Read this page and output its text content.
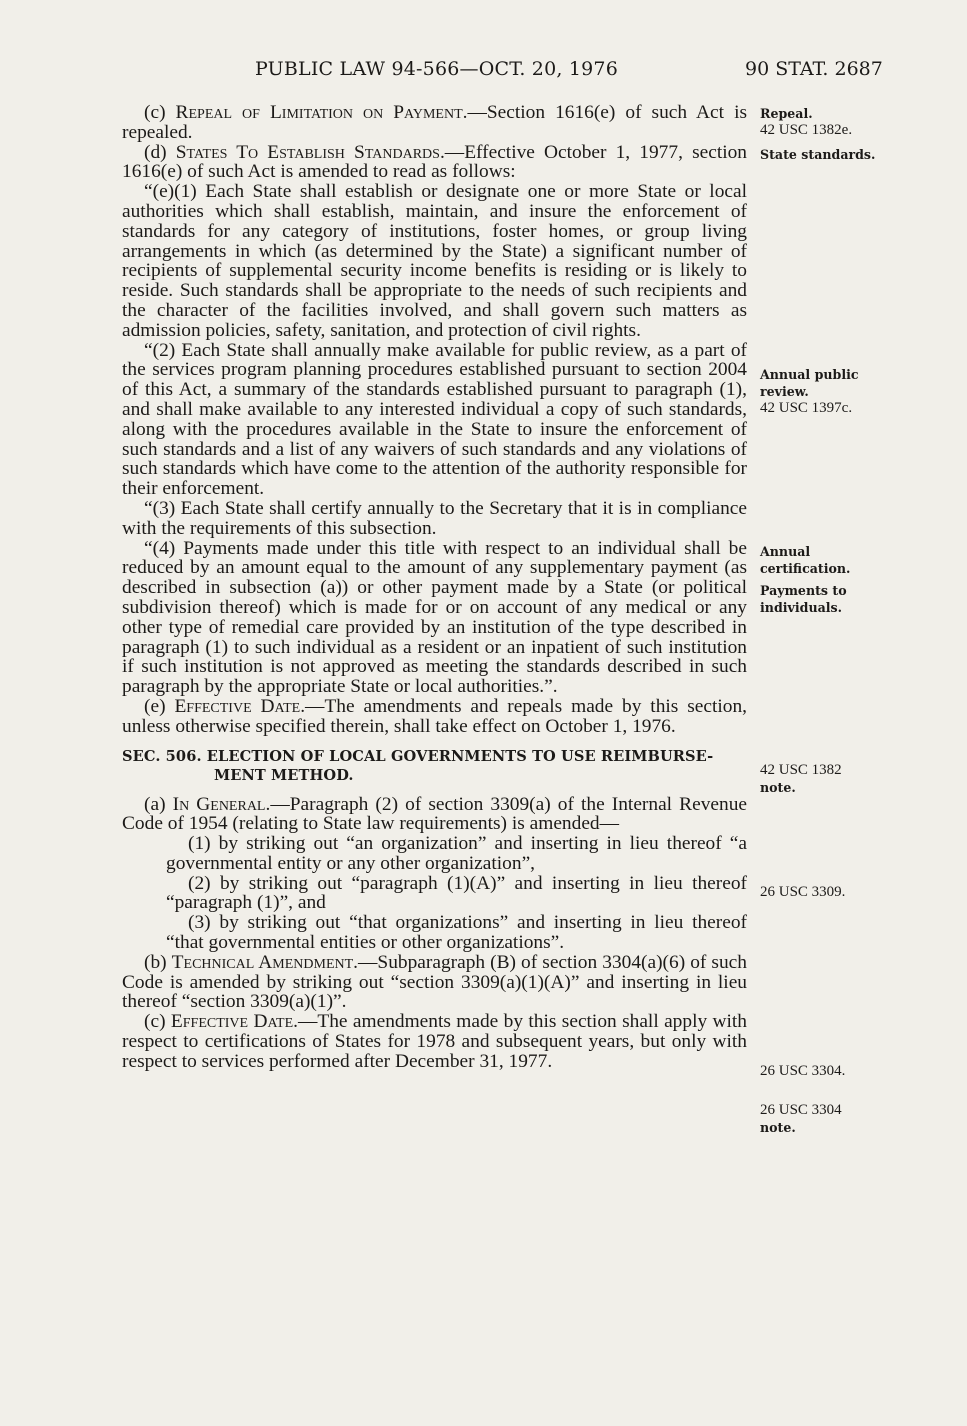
PUBLIC LAW 94-566—OCT. 20, 1976	90 STAT. 2687

(c) Repeal of Limitation on Payment.—Section 1616(e) of such Act is repealed.

(d) States To Establish Standards.—Effective October 1, 1977, section 1616(e) of such Act is amended to read as follows:

“(e)(1) Each State shall establish or designate one or more State or local authorities which shall establish, maintain, and insure the enforcement of standards for any category of institutions, foster homes, or group living arrangements in which (as determined by the State) a significant number of recipients of supplemental security income benefits is residing or is likely to reside. Such standards shall be appropriate to the needs of such recipients and the character of the facilities involved, and shall govern such matters as admission policies, safety, sanitation, and protection of civil rights.

“(2) Each State shall annually make available for public review, as a part of the services program planning procedures established pursuant to section 2004 of this Act, a summary of the standards established pursuant to paragraph (1), and shall make available to any interested individual a copy of such standards, along with the procedures available in the State to insure the enforcement of such standards and a list of any waivers of such standards and any violations of such standards which have come to the attention of the authority responsible for their enforcement.

“(3) Each State shall certify annually to the Secretary that it is in compliance with the requirements of this subsection.

“(4) Payments made under this title with respect to an individual shall be reduced by an amount equal to the amount of any supplementary payment (as described in subsection (a)) or other payment made by a State (or political subdivision thereof) which is made for or on account of any medical or any other type of remedial care provided by an institution of the type described in paragraph (1) to such individual as a resident or an inpatient of such institution if such institution is not approved as meeting the standards described in such paragraph by the appropriate State or local authorities.”.

(e) Effective Date.—The amendments and repeals made by this section, unless otherwise specified therein, shall take effect on October 1, 1976.

SEC. 506. ELECTION OF LOCAL GOVERNMENTS TO USE REIMBURSE-
MENT METHOD.

(a) In General.—Paragraph (2) of section 3309(a) of the Internal Revenue Code of 1954 (relating to State law requirements) is amended—

(1) by striking out “an organization” and inserting in lieu thereof “a governmental entity or any other organization”,

(2) by striking out “paragraph (1)(A)” and inserting in lieu thereof “paragraph (1)”, and

(3) by striking out “that organizations” and inserting in lieu thereof “that governmental entities or other organizations”.

(b) Technical Amendment.—Subparagraph (B) of section 3304(a)(6) of such Code is amended by striking out “section 3309(a)(1)(A)” and inserting in lieu thereof “section 3309(a)(1)”.

(c) Effective Date.—The amendments made by this section shall apply with respect to certifications of States for 1978 and subsequent years, but only with respect to services performed after December 31, 1977.

Repeal.
42 USC 1382e.
State standards.
Annual public
review.
42 USC 1397c.
Annual
certification.
Payments to
individuals.
42 USC 1382
note.
26 USC 3309.
26 USC 3304.
26 USC 3304
note.
